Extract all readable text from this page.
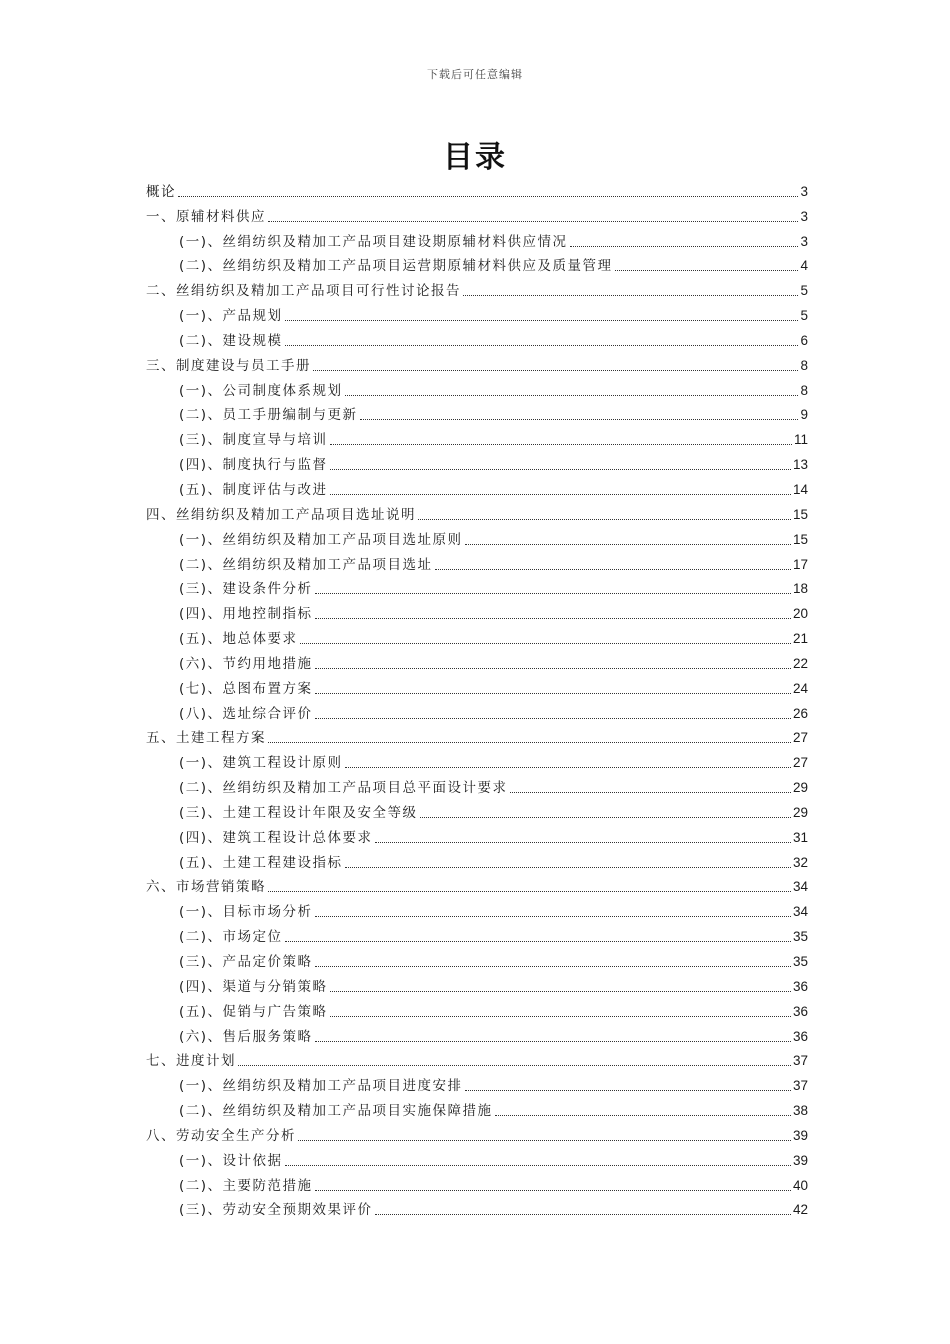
下载后可任意编辑
目录
概论	3
一、原辅材料供应	3
(一)、丝绢纺织及精加工产品项目建设期原辅材料供应情况	3
(二)、丝绢纺织及精加工产品项目运营期原辅材料供应及质量管理	4
二、丝绢纺织及精加工产品项目可行性讨论报告	5
(一)、产品规划	5
(二)、建设规模	6
三、制度建设与员工手册	8
(一)、公司制度体系规划	8
(二)、员工手册编制与更新	9
(三)、制度宣导与培训	11
(四)、制度执行与监督	13
(五)、制度评估与改进	14
四、丝绢纺织及精加工产品项目选址说明	15
(一)、丝绢纺织及精加工产品项目选址原则	15
(二)、丝绢纺织及精加工产品项目选址	17
(三)、建设条件分析	18
(四)、用地控制指标	20
(五)、地总体要求	21
(六)、节约用地措施	22
(七)、总图布置方案	24
(八)、选址综合评价	26
五、土建工程方案	27
(一)、建筑工程设计原则	27
(二)、丝绢纺织及精加工产品项目总平面设计要求	29
(三)、土建工程设计年限及安全等级	29
(四)、建筑工程设计总体要求	31
(五)、土建工程建设指标	32
六、市场营销策略	34
(一)、目标市场分析	34
(二)、市场定位	35
(三)、产品定价策略	35
(四)、渠道与分销策略	36
(五)、促销与广告策略	36
(六)、售后服务策略	36
七、进度计划	37
(一)、丝绢纺织及精加工产品项目进度安排	37
(二)、丝绢纺织及精加工产品项目实施保障措施	38
八、劳动安全生产分析	39
(一)、设计依据	39
(二)、主要防范措施	40
(三)、劳动安全预期效果评价	42
